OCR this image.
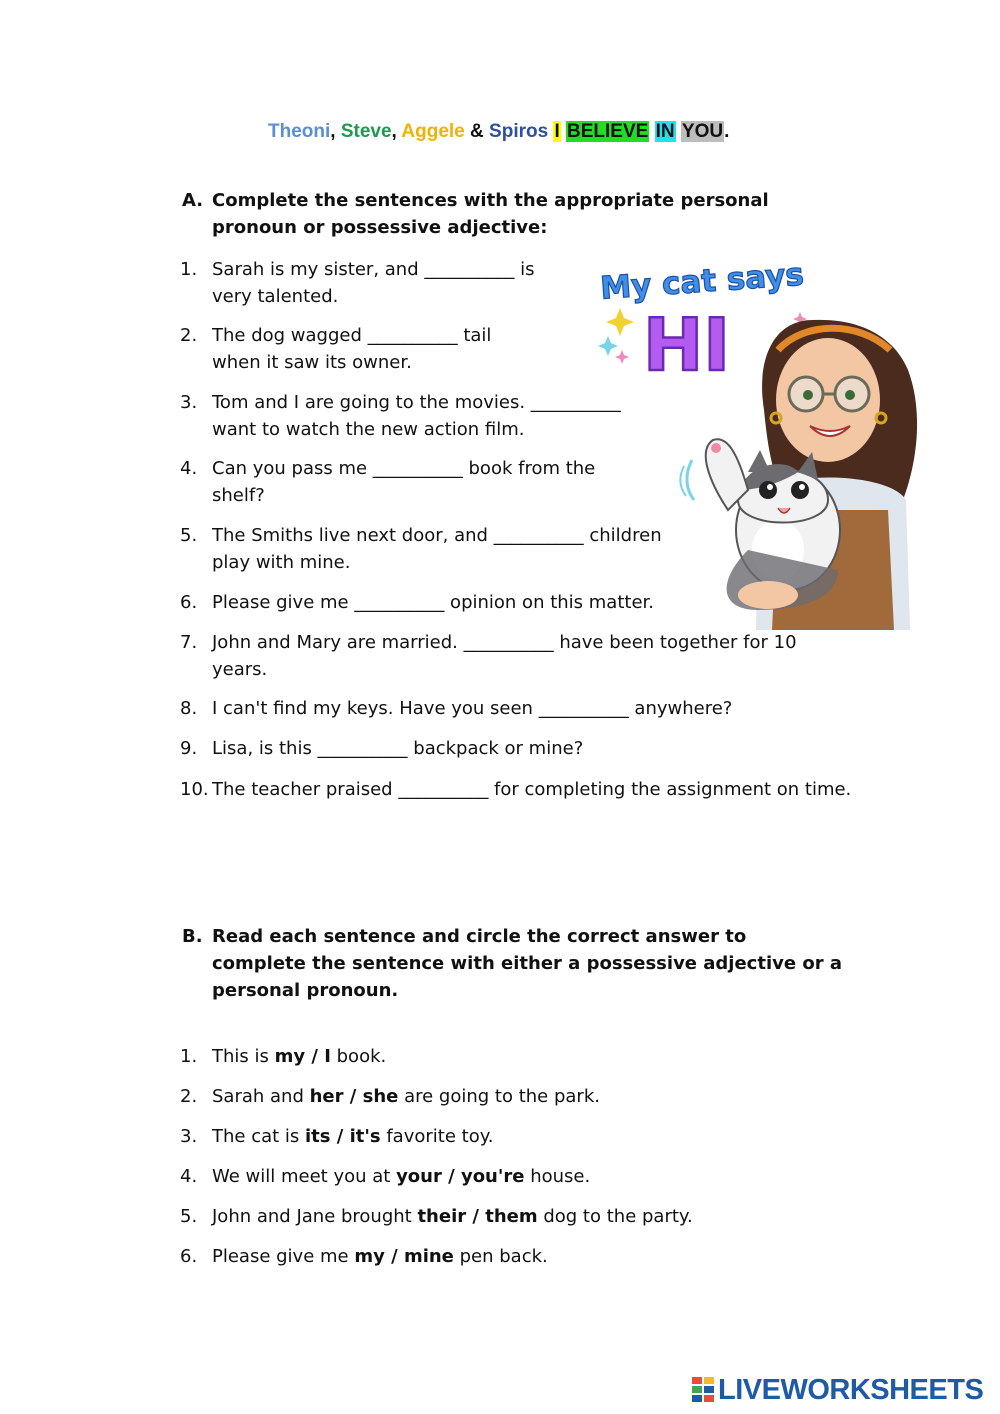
Theoni, Steve, Aggele & Spiros I BELIEVE IN YOU.
A. Complete the sentences with the appropriate personal pronoun or possessive adjective:
1. Sarah is my sister, and __________ is very talented.
2. The dog wagged __________ tail when it saw its owner.
3. Tom and I are going to the movies. __________ want to watch the new action film.
4. Can you pass me __________ book from the shelf?
5. The Smiths live next door, and __________ children play with mine.
6. Please give me __________ opinion on this matter.
7. John and Mary are married. __________ have been together for 10 years.
8. I can't find my keys. Have you seen __________ anywhere?
9. Lisa, is this __________ backpack or mine?
10. The teacher praised __________ for completing the assignment on time.
My cat says
HI
B. Read each sentence and circle the correct answer to complete the sentence with either a possessive adjective or a personal pronoun.
1. This is my / I book.
2. Sarah and her / she are going to the park.
3. The cat is its / it's favorite toy.
4. We will meet you at your / you're house.
5. John and Jane brought their / them dog to the party.
6. Please give me my / mine pen back.
LIVEWORKSHEETS
